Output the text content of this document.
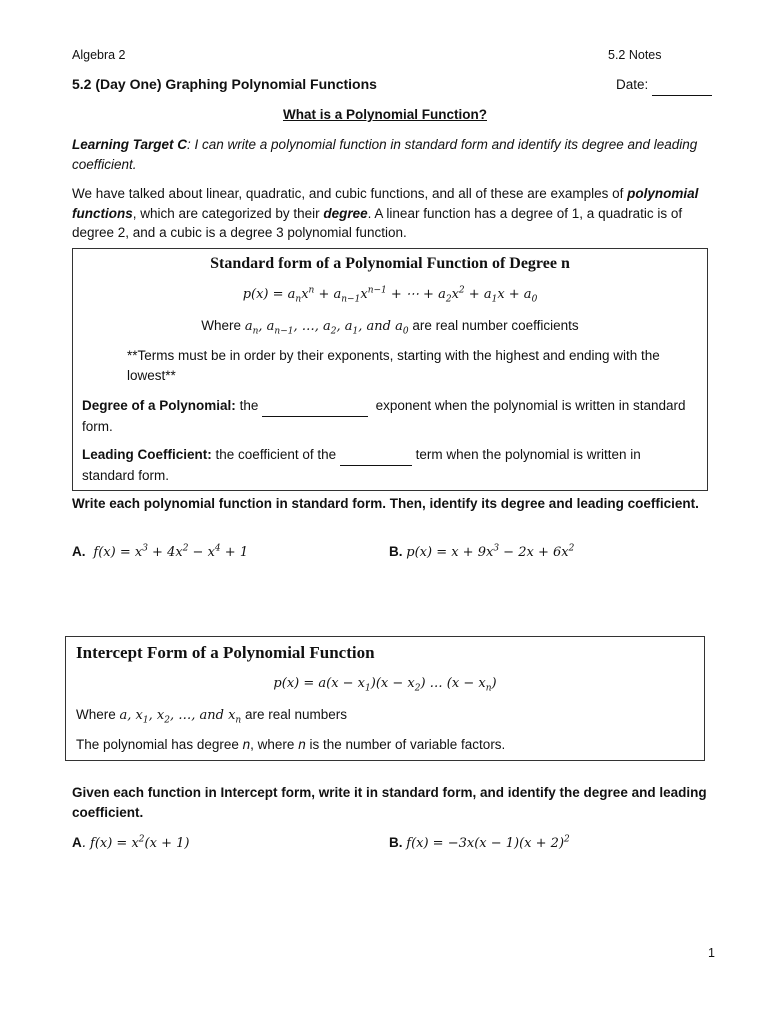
Algebra 2	5.2 Notes
5.2 (Day One) Graphing Polynomial Functions	Date:
What is a Polynomial Function?
Learning Target C: I can write a polynomial function in standard form and identify its degree and leading coefficient.
We have talked about linear, quadratic, and cubic functions, and all of these are examples of polynomial functions, which are categorized by their degree. A linear function has a degree of 1, a quadratic is of degree 2, and a cubic is a degree 3 polynomial function.
Standard form of a Polynomial Function of Degree n
$p(x) = a_nx^n + a_{n-1}x^{n-1}$ + ⋯ + $a_2x^2 + a_1x + a_0$
Where $a_n$, $a_{n-1}$, …, $a_2$, $a_1$, and $a_0$ are real number coefficients
**Terms must be in order by their exponents, starting with the highest and ending with the lowest**
Degree of a Polynomial: the	exponent when the polynomial is written in standard form.
Leading Coefficient: the coefficient of the	term when the polynomial is written in standard form.
Write each polynomial function in standard form. Then, identify its degree and leading coefficient.
A.  $f(x) = x^3 + 4x^2 - x^4 + 1$	B. $p(x) = x + 9x^3 - 2x + 6x^2$
Intercept Form of a Polynomial Function
$p(x) = a(x - x_1)(x - x_2)$ … $(x - x_n)$
Where a, $x_1$, $x_2$, …, and $x_n$ are real numbers
The polynomial has degree n, where n is the number of variable factors.
Given each function in Intercept form, write it in standard form, and identify the degree and leading coefficient.
A. $f(x) = x^2(x + 1)$	B. $f(x) = -3x(x - 1)(x + 2)^2$
1
